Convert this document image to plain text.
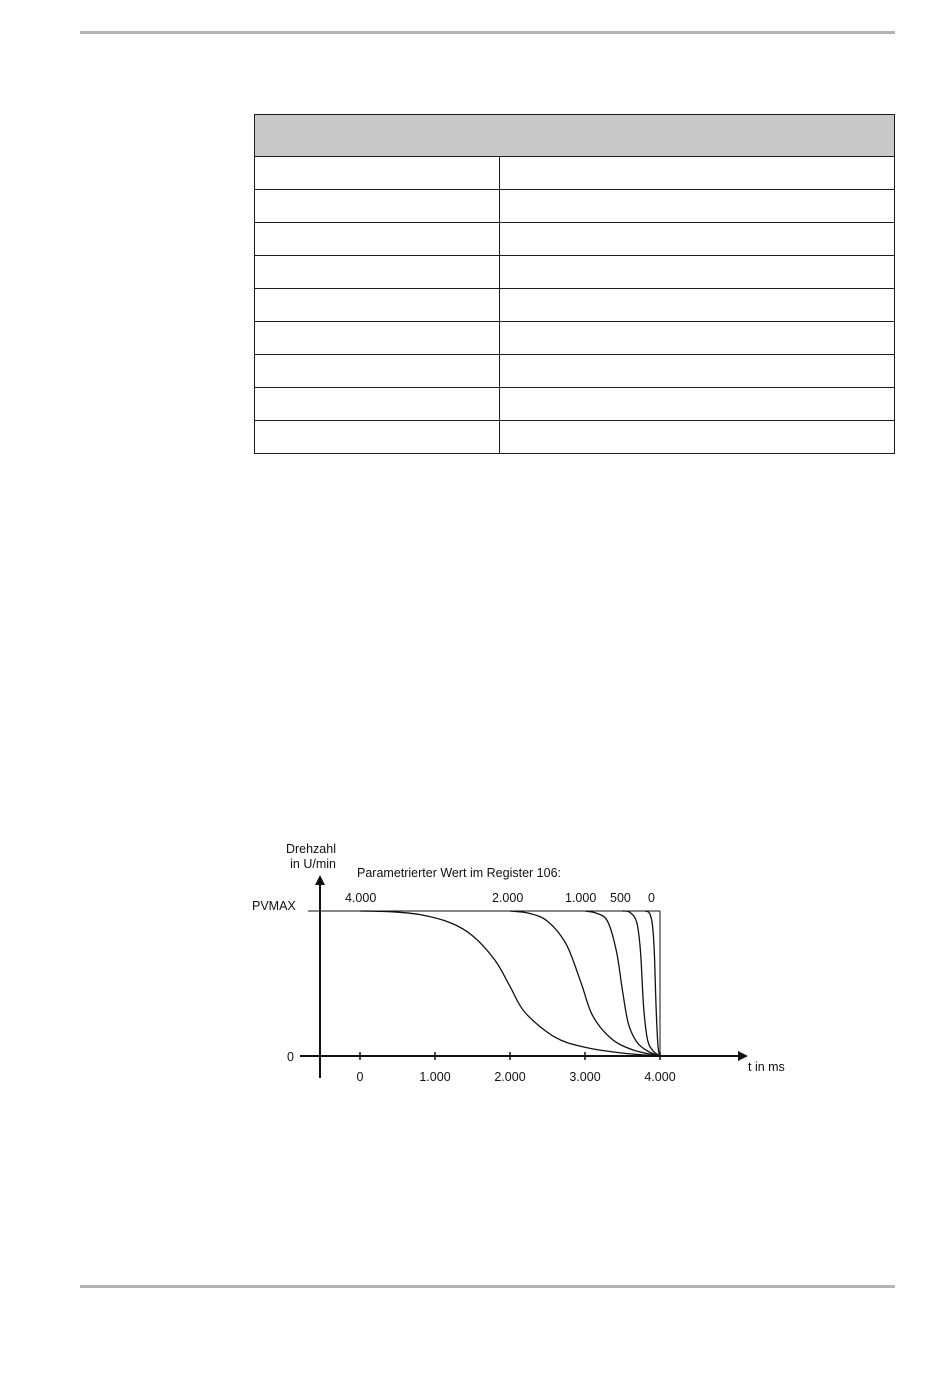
0	1.000	2.000	3.000	4.000
4.000	2.000	1.000 500 0
Drehzahl
in U/min
Parametrierter Wert im Register 106:
PVMAX
0
t in ms
